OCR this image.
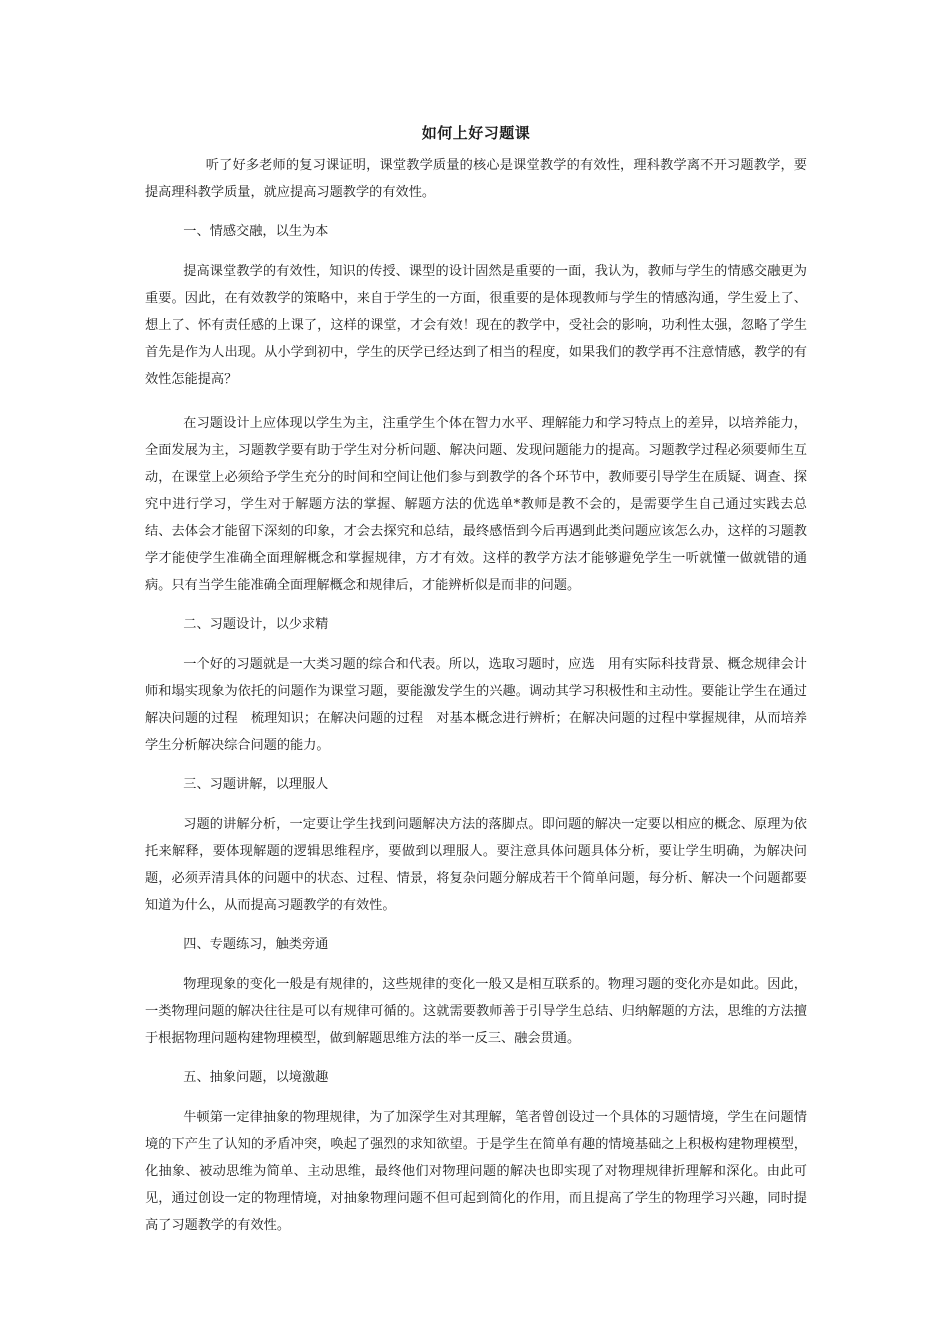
如何上好习题课

听了好多老师的复习课证明，课堂教学质量的核心是课堂教学的有效性，理科教学离不开习题教学，要提高理科教学质量，就应提高习题教学的有效性。

一、情感交融，以生为本

提高课堂教学的有效性，知识的传授、课型的设计固然是重要的一面，我认为，教师与学生的情感交融更为重要。因此，在有效教学的策略中，来自于学生的一方面，很重要的是体现教师与学生的情感沟通，学生爱上了、想上了、怀有责任感的上课了，这样的课堂，才会有效！现在的教学中，受社会的影响，功利性太强，忽略了学生首先是作为人出现。从小学到初中，学生的厌学已经达到了相当的程度，如果我们的教学再不注意情感，教学的有效性怎能提高？

在习题设计上应体现以学生为主，注重学生个体在智力水平、理解能力和学习特点上的差异，以培养能力，全面发展为主，习题教学要有助于学生对分析问题、解决问题、发现问题能力的提高。习题教学过程必须要师生互动，在课堂上必须给予学生充分的时间和空间让他们参与到教学的各个环节中，教师要引导学生在质疑、调查、探究中进行学习，学生对于解题方法的掌握、解题方法的优选单*教师是教不会的，是需要学生自己通过实践去总结、去体会才能留下深刻的印象，才会去探究和总结，最终感悟到今后再遇到此类问题应该怎么办，这样的习题教学才能使学生准确全面理解概念和掌握规律，方才有效。这样的教学方法才能够避免学生一听就懂一做就错的通病。只有当学生能准确全面理解概念和规律后，才能辨析似是而非的问题。

二、习题设计，以少求精

一个好的习题就是一大类习题的综合和代表。所以，选取习题时，应选　用有实际科技背景、概念规律会计师和塌实现象为依托的问题作为课堂习题，要能激发学生的兴趣。调动其学习积极性和主动性。要能让学生在通过解决问题的过程　梳理知识；在解决问题的过程　对基本概念进行辨析；在解决问题的过程中掌握规律，从而培养学生分析解决综合问题的能力。

三、习题讲解，以理服人

习题的讲解分析，一定要让学生找到问题解决方法的落脚点。即问题的解决一定要以相应的概念、原理为依托来解释，要体现解题的逻辑思维程序，要做到以理服人。要注意具体问题具体分析，要让学生明确，为解决问题，必须弄清具体的问题中的状态、过程、情景，将复杂问题分解成若干个简单问题，每分析、解决一个问题都要知道为什么，从而提高习题教学的有效性。

四、专题练习，触类旁通

物理现象的变化一般是有规律的，这些规律的变化一般又是相互联系的。物理习题的变化亦是如此。因此，一类物理问题的解决往往是可以有规律可循的。这就需要教师善于引导学生总结、归纳解题的方法，思维的方法擅于根据物理问题构建物理模型，做到解题思维方法的举一反三、融会贯通。

五、抽象问题，以境激趣

牛顿第一定律抽象的物理规律，为了加深学生对其理解，笔者曾创设过一个具体的习题情境，学生在问题情境的下产生了认知的矛盾冲突，唤起了强烈的求知欲望。于是学生在简单有趣的情境基础之上积极构建物理模型，化抽象、被动思维为简单、主动思维，最终他们对物理问题的解决也即实现了对物理规律折理解和深化。由此可见，通过创设一定的物理情境，对抽象物理问题不但可起到简化的作用，而且提高了学生的物理学习兴趣，同时提高了习题教学的有效性。
